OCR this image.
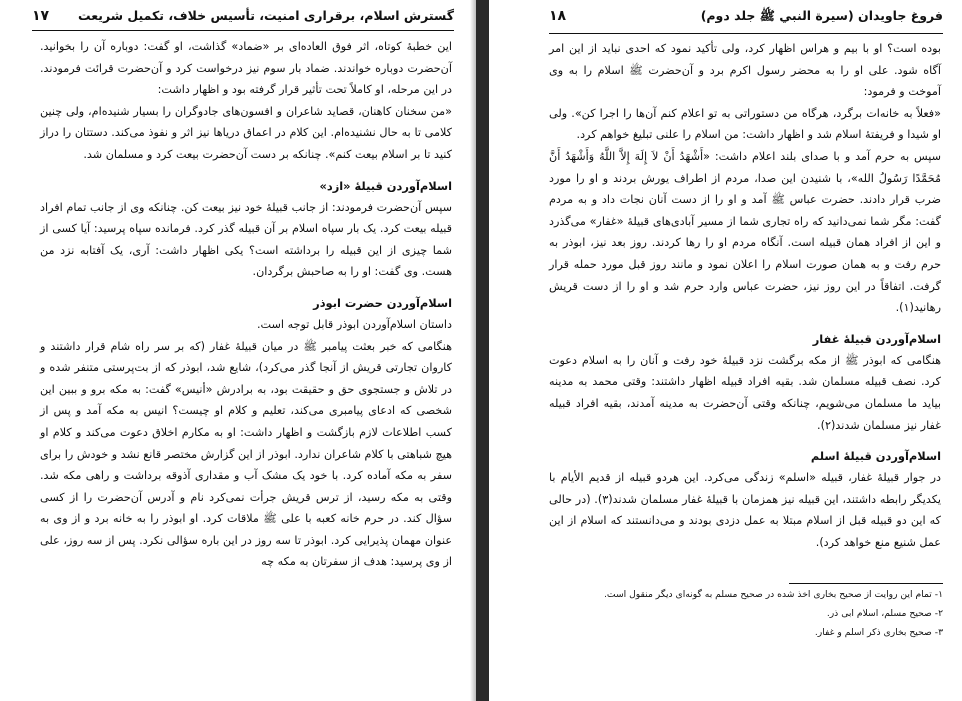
گسترش اسلام، برقراری امنیت، تأسیس خلاف، تکمیل شریعت
١٧

این خطبهٔ کوتاه، اثر فوق العاده‌ای بر «ضماد» گذاشت، او گفت: دوباره آن را بخوانید. آن‌حضرت دوباره خواندند. ضماد بار سوم نیز درخواست کرد و آن‌حضرت قرائت فرمودند. در این مرحله، او کاملاً تحت تأثیر قرار گرفته بود و اظهار داشت:

«من سخنان کاهنان، قصاید شاعران و افسون‌های جادوگران را بسیار شنیده‌ام، ولی چنین کلامی تا به حال نشنیده‌ام. این کلام در اعماق دریاها نیز اثر و نفوذ می‌کند. دستتان را دراز کنید تا بر اسلام بیعت کنم». چنانکه بر دست آن‌حضرت بیعت کرد و مسلمان شد.

اسلام‌آوردن قبیلهٔ «ازد»

سپس آن‌حضرت فرمودند: از جانب قبیلهٔ خود نیز بیعت کن. چنانکه وی از جانب تمام افراد قبیله بیعت کرد. یک بار سپاه اسلام بر آن قبیله گذر کرد. فرمانده سپاه پرسید: آیا کسی از شما چیزی از این قبیله را برداشته است؟ یکی اظهار داشت: آری، یک آفتابه نزد من هست. وی گفت: او را به صاحبش برگردان.

اسلام‌آوردن حضرت ابوذر

داستان اسلام‌آوردن ابوذر قابل توجه است.

هنگامی که خبر بعثت پیامبر ﷺ در میان قبیلهٔ غفار (که بر سر راه شام قرار داشتند و کاروان تجارتی قریش از آنجا گذر می‌کرد)، شایع شد، ابوذر که از بت‌پرستی متنفر شده و در تلاش و جستجوی حق و حقیقت بود، به برادرش «أنیس» گفت: به مکه برو و ببین این شخصی که ادعای پیامبری می‌کند، تعلیم و کلام او چیست؟ انیس به مکه آمد و پس از کسب اطلاعات لازم بازگشت و اظهار داشت: او به مکارم اخلاق دعوت می‌کند و کلام او هیچ شباهتی با کلام شاعران ندارد. ابوذر از این گزارش مختصر قانع نشد و خودش را برای سفر به مکه آماده کرد. با خود یک مشک آب و مقداری آذوقه برداشت و راهی مکه شد. وقتی به مکه رسید، از ترس قریش جرأت نمی‌کرد نام و آدرس آن‌حضرت را از کسی سؤال کند. در حرم خانه کعبه با علی ﷺ ملاقات کرد. او ابوذر را به خانه برد و از وی به عنوان مهمان پذیرایی کرد. ابوذر تا سه روز در این باره سؤالی نکرد. پس از سه روز، علی از وی پرسید: هدف از سفرتان به مکه چه

فروغ جاویدان (سیرة النبي ﷺ جلد دوم)
١٨

بوده است؟ او با بیم و هراس اظهار کرد، ولی تأکید نمود که احدی نباید از این امر آگاه شود. علی او را به محضر رسول اکرم برد و آن‌حضرت ﷺ اسلام را به وی آموخت و فرمود:

«فعلاً به خانه‌ات برگرد، هرگاه من دستوراتی به تو اعلام کنم آن‌ها را اجرا کن». ولی او شیدا و فریفتهٔ اسلام شد و اظهار داشت: من اسلام را علنی تبلیغ خواهم کرد.

سپس به حرم آمد و با صدای بلند اعلام داشت: «أَشْهَدُ أَنْ لاَ إِلَهَ إِلاَّ اللَّهُ وَأَشْهَدُ أَنَّ مُحَمَّدًا رَسُولُ الله»، با شنیدن این صدا، مردم از اطراف یورش بردند و او را مورد ضرب قرار دادند. حضرت عباس ﷺ آمد و او را از دست آنان نجات داد و به مردم گفت: مگر شما نمی‌دانید که راه تجاری شما از مسیر آبادی‌های قبیلهٔ «غفار» می‌گذرد و این از افراد همان قبیله است. آنگاه مردم او را رها کردند. روز بعد نیز، ابوذر به حرم رفت و به همان صورت اسلام را اعلان نمود و مانند روز قبل مورد حمله قرار گرفت. اتفاقاً در این روز نیز، حضرت عباس وارد حرم شد و او را از دست قریش رهانید(١).

اسلام‌آوردن قبیلهٔ غفار

هنگامی که ابوذر ﷺ از مکه برگشت نزد قبیلهٔ خود رفت و آنان را به اسلام دعوت کرد. نصف قبیله مسلمان شد. بقیه افراد قبیله اظهار داشتند: وقتی محمد به مدینه بیاید ما مسلمان می‌شویم، چنانکه وقتی آن‌حضرت به مدینه آمدند، بقیه افراد قبیله غفار نیز مسلمان شدند(٢).

اسلام‌آوردن قبیلهٔ اسلم

در جوار قبیلهٔ غفار، قبیله «اسلم» زندگی می‌کرد. این هردو قبیله از قدیم الأیام با یکدیگر رابطه داشتند، این قبیله نیز همزمان با قبیلهٔ غفار مسلمان شدند(٣). (در حالی که این دو قبیله قبل از اسلام مبتلا به عمل دزدی بودند و می‌دانستند که اسلام از این عمل شنیع منع خواهد کرد).

١- تمام این روایت از صحیح بخاری اخذ شده در صحیح مسلم به گونه‌ای دیگر منقول است.
٢- صحیح مسلم، اسلام ابی ذر.
٣- صحیح بخاری ذکر اسلم و غفار.
